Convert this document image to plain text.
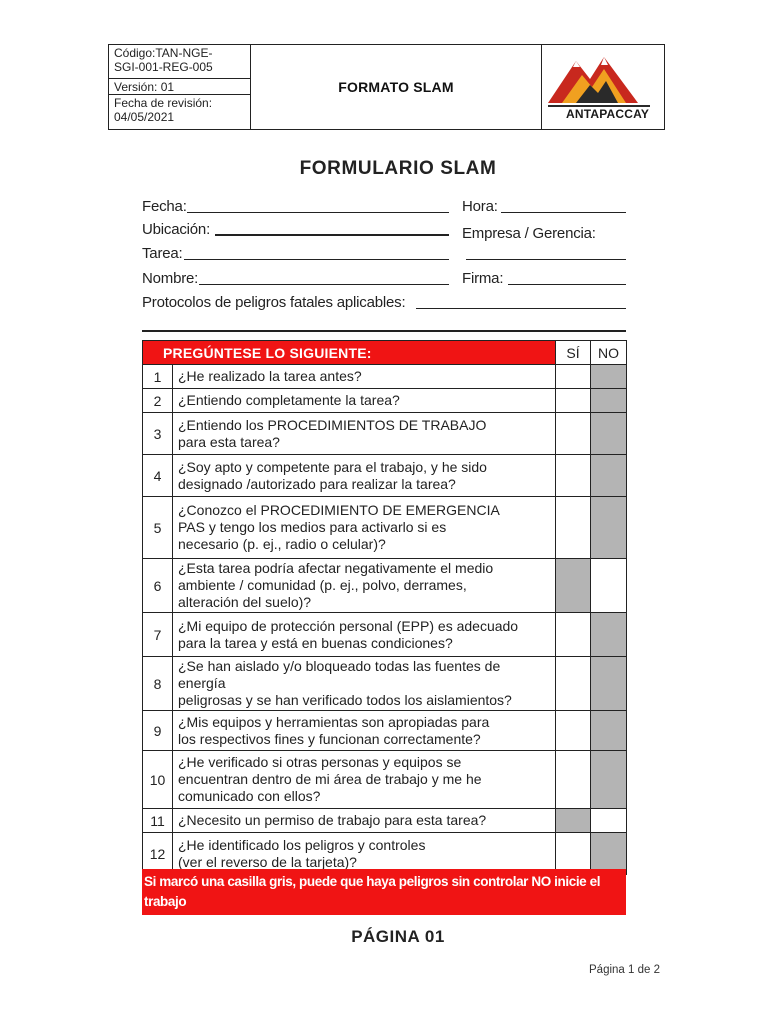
Código:TAN-NGE-
SGI-001-REG-005
Versión: 01
Fecha de revisión:
04/05/2021
FORMATO SLAM
ANTAPACCAY
FORMULARIO SLAM
Fecha:	Hora:
Ubicación:	Empresa / Gerencia:
Tarea:
Nombre:	Firma:
Protocolos de peligros fatales aplicables:
PREGÚNTESE LO SIGUIENTE:		SÍ	NO
1	¿He realizado la tarea antes?		

2	¿Entiendo completamente la tarea?		

3	¿Entiendo los PROCEDIMIENTOS DE TRABAJO
para esta tarea?		

4	¿Soy apto y competente para el trabajo, y he sido
designado /autorizado para realizar la tarea?		

5	¿Conozco el PROCEDIMIENTO DE EMERGENCIA
PAS y tengo los medios para activarlo si es
necesario (p. ej., radio o celular)?		

6	¿Esta tarea podría afectar negativamente el medio
ambiente / comunidad (p. ej., polvo, derrames,
alteración del suelo)?		

7	¿Mi equipo de protección personal (EPP) es adecuado
para la tarea y está en buenas condiciones?		

8	¿Se han aislado y/o bloqueado todas las fuentes de energía
peligrosas y se han verificado todos los aislamientos?		

9	¿Mis equipos y herramientas son apropiadas para
los respectivos fines y funcionan correctamente?		

10	¿He verificado si otras personas y equipos se
encuentran dentro de mi área de trabajo y me he
comunicado con ellos?		

11	¿Necesito un permiso de trabajo para esta tarea?		

12	¿He identificado los peligros y controles
(ver el reverso de la tarjeta)?		

Si marcó una casilla gris, puede que haya peligros sin controlar NO inicie el trabajo
y consulte a su Supervisor del trabajo ¡Enumere todos los peligros y controles!
PÁGINA 01
Página 1 de 2
